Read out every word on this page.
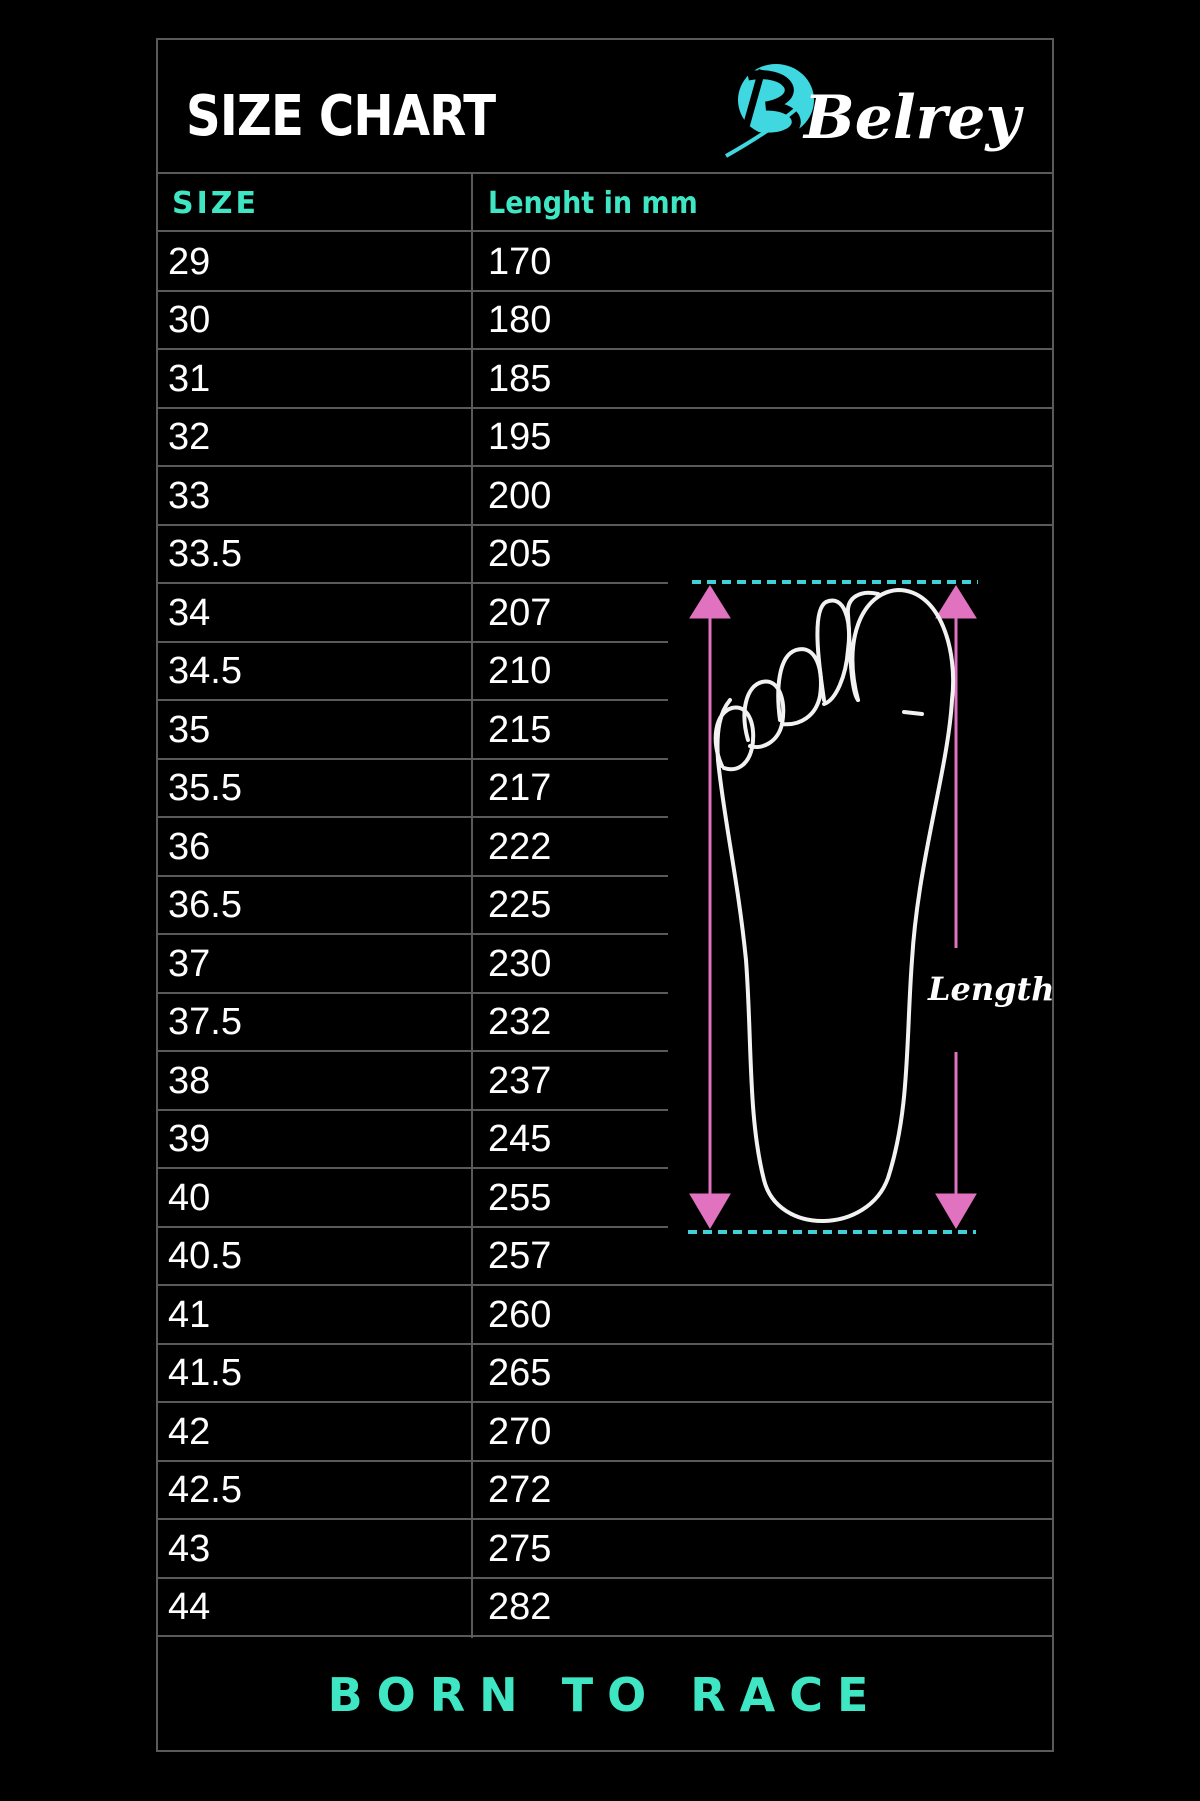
SIZE CHART	Belrey
SIZE	Lenght in mm
29	170
30	180
31	185
32	195
33	200
33.5	205
34	207
34.5	210
35	215
35.5	217
36	222
36.5	225
37	230
37.5	232
38	237
39	245
40	255
40.5	257
41	260
41.5	265
42	270
42.5	272
43	275
44	282
BORN TO RACE
Length
